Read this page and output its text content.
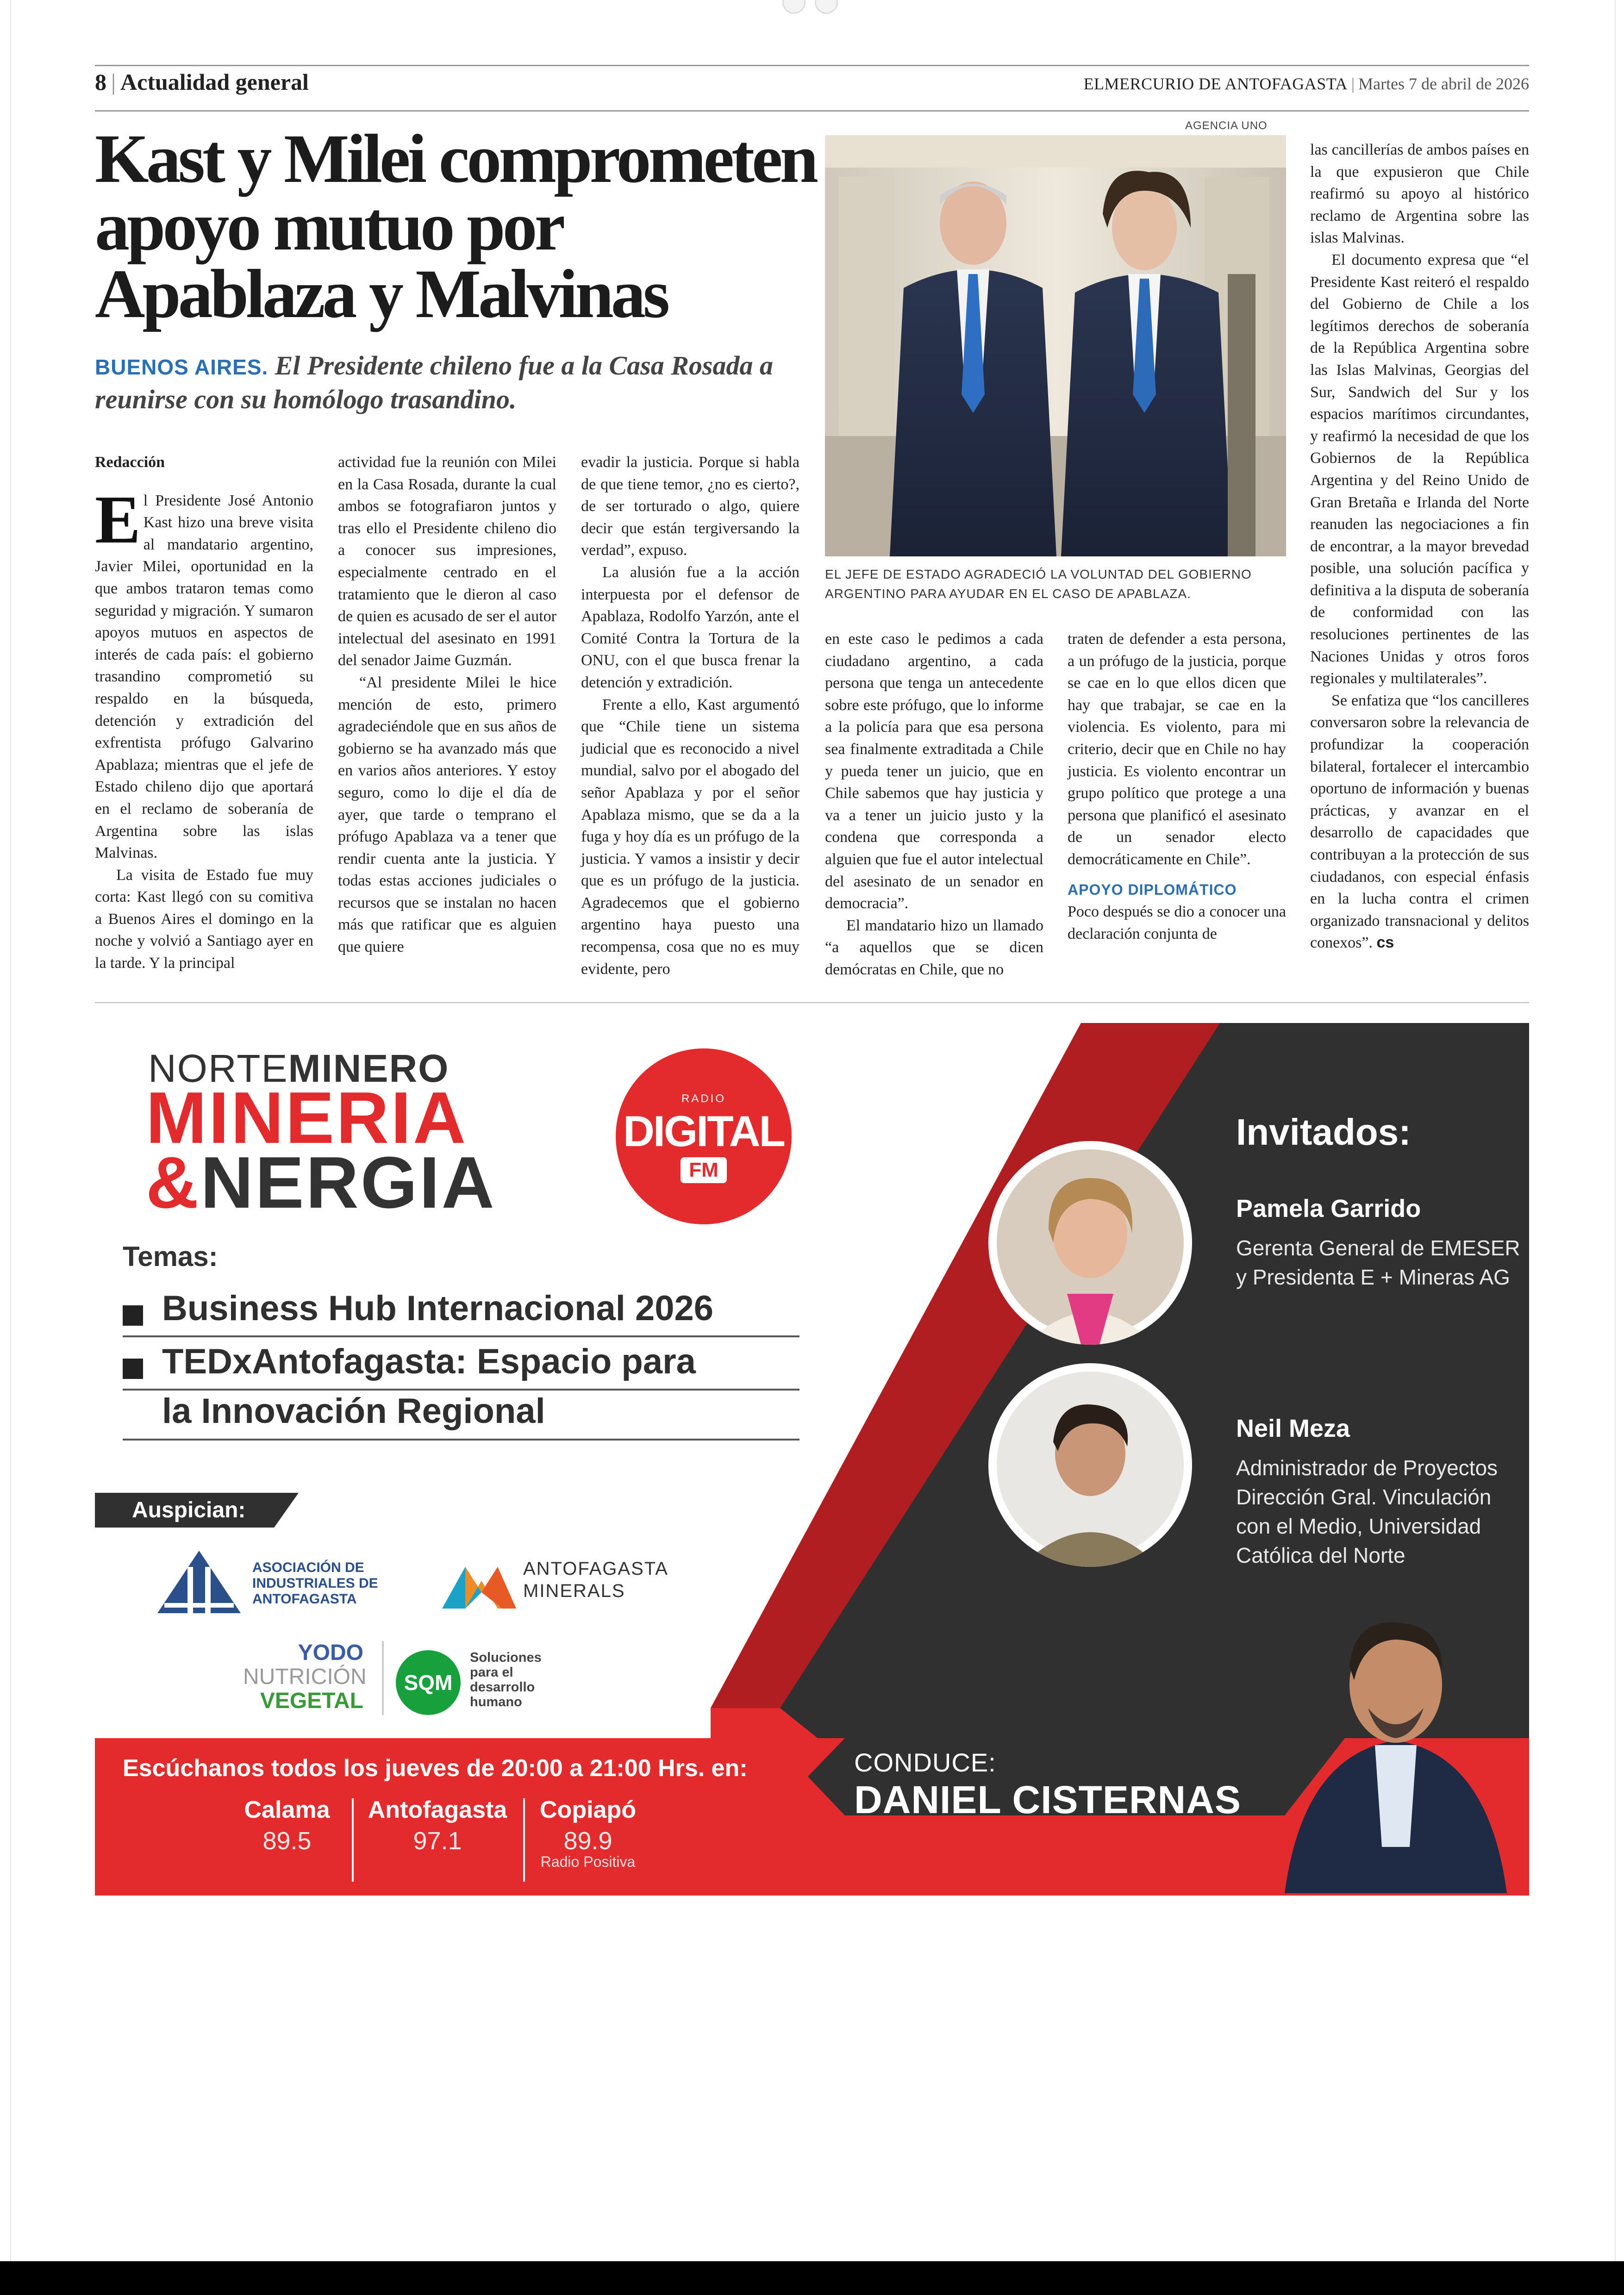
8 | Actualidad general	ELMERCURIO DE ANTOFAGASTA | Martes 7 de abril de 2026
Kast y Milei comprometen apoyo mutuo por Apablaza y Malvinas
BUENOS AIRES. El Presidente chileno fue a la Casa Rosada a reunirse con su homólogo trasandino.
AGENCIA UNO
EL JEFE DE ESTADO AGRADECIÓ LA VOLUNTAD DEL GOBIERNO ARGENTINO PARA AYUDAR EN EL CASO DE APABLAZA.

Redacción

El Presidente José Antonio Kast hizo una breve visita al mandatario argentino, Javier Milei, oportunidad en la que ambos trataron temas como seguridad y migración. Y sumaron apoyos mutuos en aspectos de interés de cada país: el gobierno trasandino comprometió su respaldo en la búsqueda, detención y extradición del exfrentista prófugo Galvarino Apablaza; mientras que el jefe de Estado chileno dijo que aportará en el reclamo de soberanía de Argentina sobre las islas Malvinas.

La visita de Estado fue muy corta: Kast llegó con su comitiva a Buenos Aires el domingo en la noche y volvió a Santiago ayer en la tarde. Y la principal

actividad fue la reunión con Milei en la Casa Rosada, durante la cual ambos se fotografiaron juntos y tras ello el Presidente chileno dio a conocer sus impresiones, especialmente centrado en el tratamiento que le dieron al caso de quien es acusado de ser el autor intelectual del asesinato en 1991 del senador Jaime Guzmán.

“Al presidente Milei le hice mención de esto, primero agradeciéndole que en sus años de gobierno se ha avanzado más que en varios años anteriores. Y estoy seguro, como lo dije el día de ayer, que tarde o temprano el prófugo Apablaza va a tener que rendir cuenta ante la justicia. Y todas estas acciones judiciales o recursos que se instalan no hacen más que ratificar que es alguien que quiere

evadir la justicia. Porque si habla de que tiene temor, ¿no es cierto?, de ser torturado o algo, quiere decir que están tergiversando la verdad”, expuso.

La alusión fue a la acción interpuesta por el defensor de Apablaza, Rodolfo Yarzón, ante el Comité Contra la Tortura de la ONU, con el que busca frenar la detención y extradición.

Frente a ello, Kast argumentó que “Chile tiene un sistema judicial que es reconocido a nivel mundial, salvo por el abogado del señor Apablaza y por el señor Apablaza mismo, que se da a la fuga y hoy día es un prófugo de la justicia. Y vamos a insistir y decir que es un prófugo de la justicia. Agradecemos que el gobierno argentino haya puesto una recompensa, cosa que no es muy evidente, pero

en este caso le pedimos a cada ciudadano argentino, a cada persona que tenga un antecedente sobre este prófugo, que lo informe a la policía para que esa persona sea finalmente extraditada a Chile y pueda tener un juicio, que en Chile sabemos que hay justicia y va a tener un juicio justo y la condena que corresponda a alguien que fue el autor intelectual del asesinato de un senador en democracia”.

El mandatario hizo un llamado “a aquellos que se dicen demócratas en Chile, que no

traten de defender a esta persona, a un prófugo de la justicia, porque se cae en lo que ellos dicen que hay que trabajar, se cae en la violencia. Es violento, para mi criterio, decir que en Chile no hay justicia. Es violento encontrar un grupo político que protege a una persona que planificó el asesinato de un senador electo democráticamente en Chile”.

APOYO DIPLOMÁTICO

Poco después se dio a conocer una declaración conjunta de

las cancillerías de ambos países en la que expusieron que Chile reafirmó su apoyo al histórico reclamo de Argentina sobre las islas Malvinas.

El documento expresa que “el Presidente Kast reiteró el respaldo del Gobierno de Chile a los legítimos derechos de soberanía de la República Argentina sobre las Islas Malvinas, Georgias del Sur, Sandwich del Sur y los espacios marítimos circundantes, y reafirmó la necesidad de que los Gobiernos de la República Argentina y del Reino Unido de Gran Bretaña e Irlanda del Norte reanuden las negociaciones a fin de encontrar, a la mayor brevedad posible, una solución pacífica y definitiva a la disputa de soberanía de conformidad con las resoluciones pertinentes de las Naciones Unidas y otros foros regionales y multilaterales”.

Se enfatiza que “los cancilleres conversaron sobre la relevancia de profundizar la cooperación bilateral, fortalecer el intercambio oportuno de información y buenas prácticas, y avanzar en el desarrollo de capacidades que contribuyan a la protección de sus ciudadanos, con especial énfasis en la lucha contra el crimen organizado transnacional y delitos conexos”. cs

NORTEMINERO
MINERIA
&NERGIA
RADIO
DIGITAL
FM
Temas:
Business Hub Internacional 2026
TEDxAntofagasta: Espacio para
la Innovación Regional
Auspician:
ASOCIACIÓN DE
INDUSTRIALES DE
ANTOFAGASTA
ANTOFAGASTA
MINERALS
YODO
NUTRICIÓN
VEGETAL
SQM
Soluciones
para el
desarrollo
humano
Invitados:
Pamela Garrido
Gerenta General de EMESER
y Presidenta E + Mineras AG
Neil Meza
Administrador de Proyectos
Dirección Gral. Vinculación
con el Medio, Universidad
Católica del Norte
Escúchanos todos los jueves de 20:00 a 21:00 Hrs. en:
Calama
89.5
Antofagasta
97.1
Copiapó
89.9
Radio Positiva
CONDUCE:
DANIEL CISTERNAS
